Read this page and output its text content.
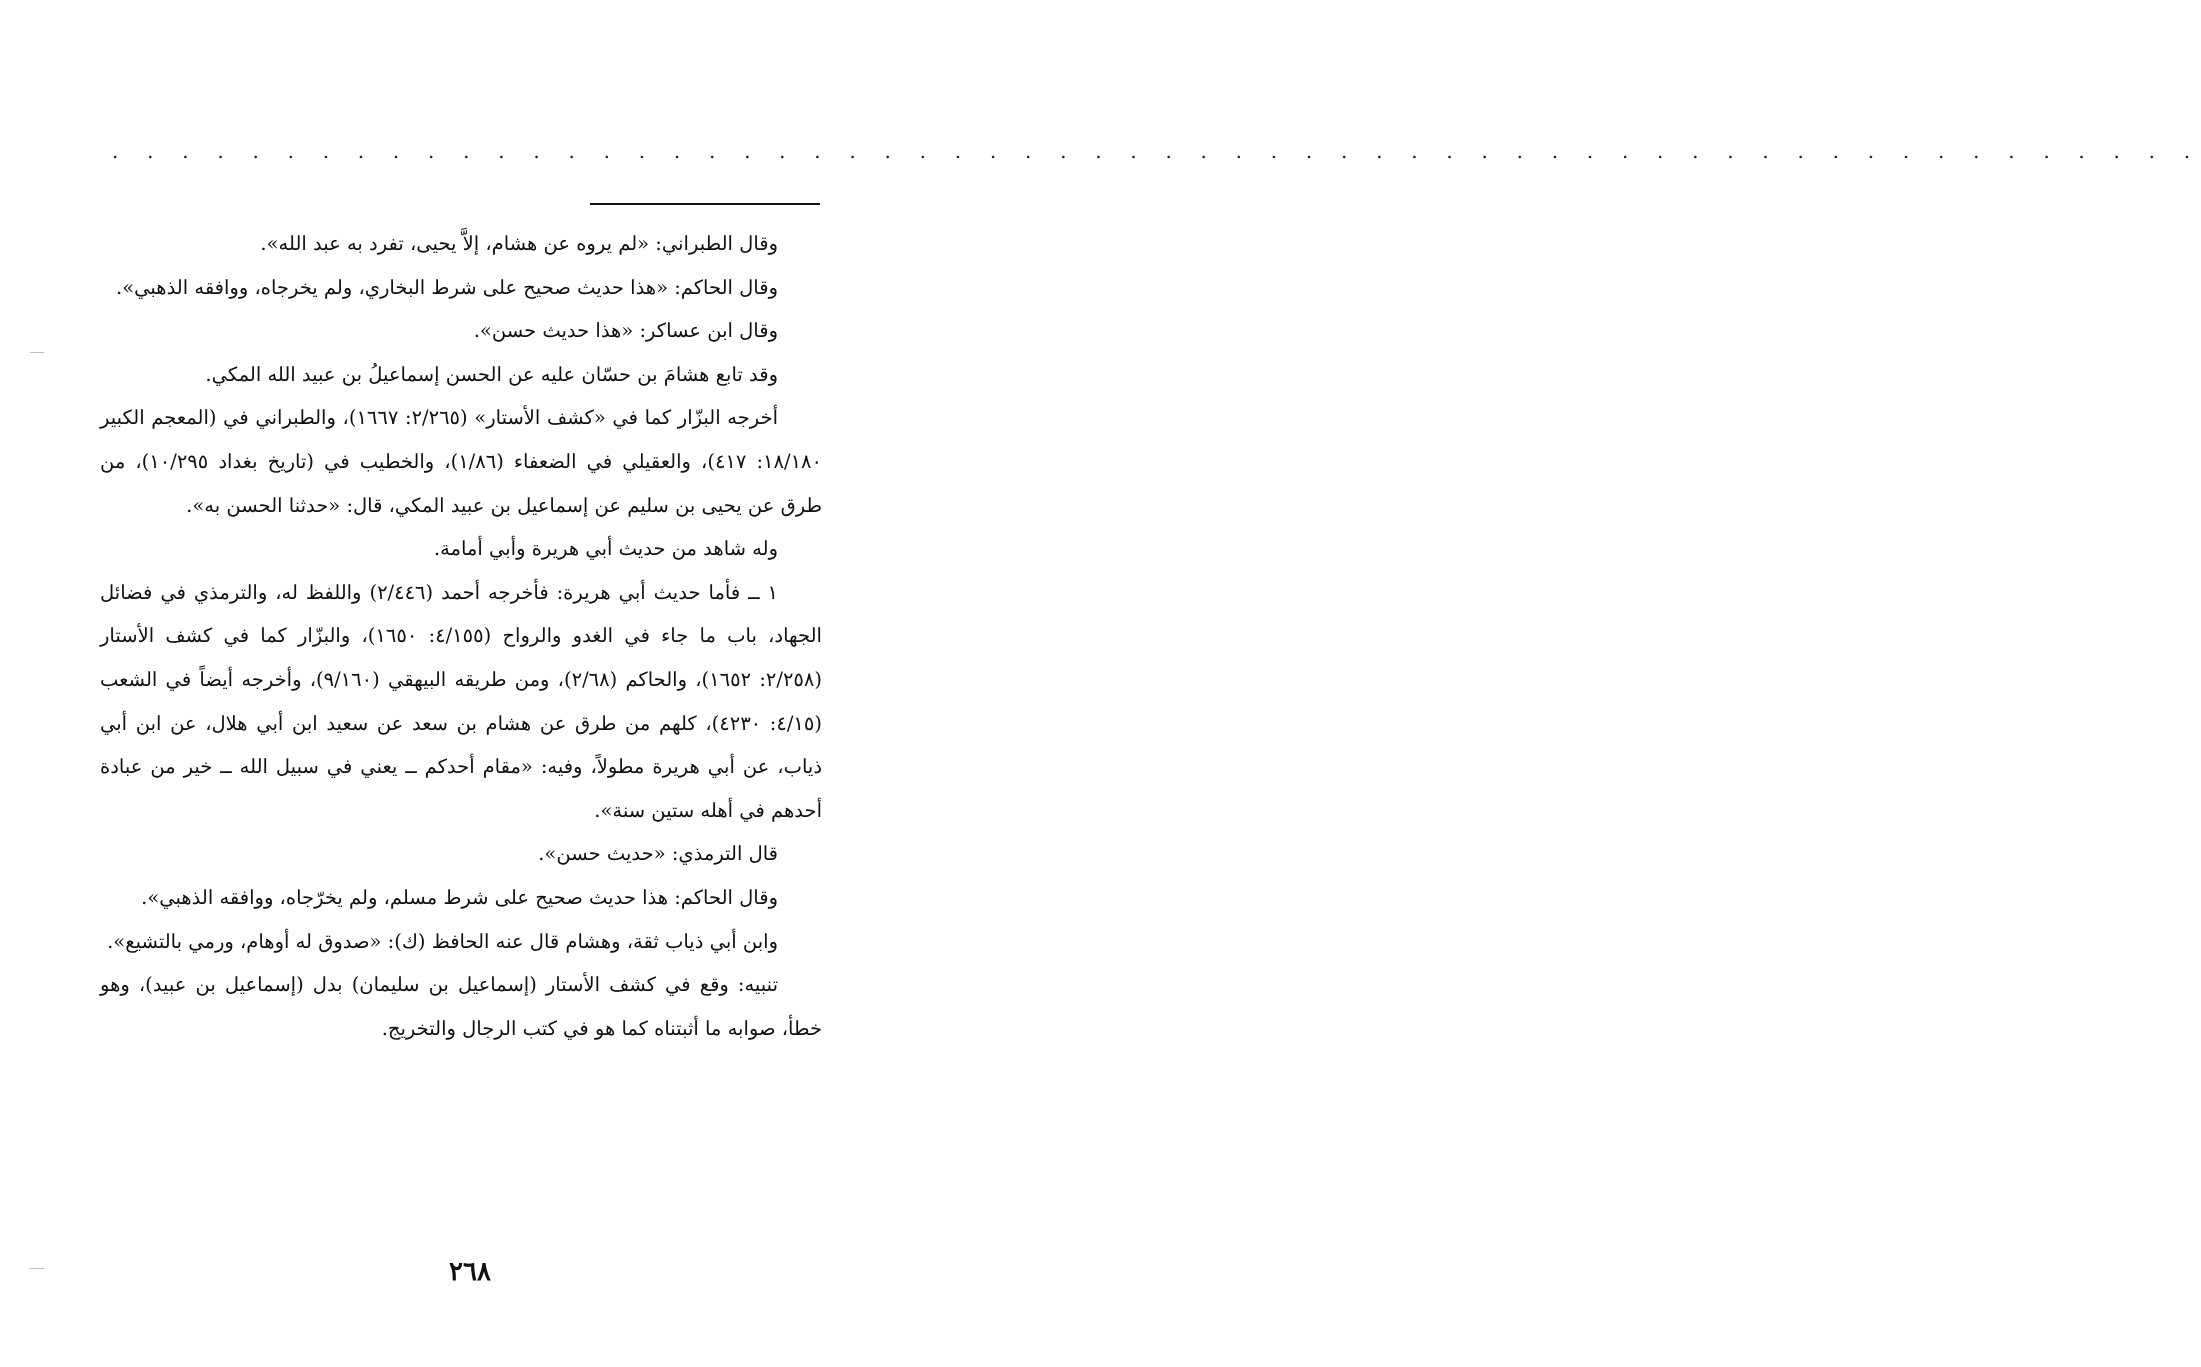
. . . . . . . . . . . . . . . . . . . . . . . . . . . . . . . . . . . . . . . . . . . . . . . . . . . . . . . . . . . .

وقال الطبراني: «لم يروه عن هشام، إلاَّ يحيى، تفرد به عبد الله».

وقال الحاكم: «هذا حديث صحيح على شرط البخاري، ولم يخرجاه، ووافقه الذهبي».

وقال ابن عساكر: «هذا حديث حسن».

وقد تابع هشامَ بن حسّان عليه عن الحسن إسماعيلُ بن عبيد الله المكي.

أخرجه البزّار كما في «كشف الأستار» (٢/٢٦٥: ١٦٦٧)، والطبراني في (المعجم الكبير ١٨/١٨٠: ٤١٧)، والعقيلي في الضعفاء (١/٨٦)، والخطيب في (تاريخ بغداد ١٠/٢٩٥)، من طرق عن يحيى بن سليم عن إسماعيل بن عبيد المكي، قال: «حدثنا الحسن به».

وله شاهد من حديث أبي هريرة وأبي أمامة.

١ ــ فأما حديث أبي هريرة: فأخرجه أحمد (٢/٤٤٦) واللفظ له، والترمذي في فضائل الجهاد، باب ما جاء في الغدو والرواح (٤/١٥٥: ١٦٥٠)، والبزّار كما في كشف الأستار (٢/٢٥٨: ١٦٥٢)، والحاكم (٢/٦٨)، ومن طريقه البيهقي (٩/١٦٠)، وأخرجه أيضاً في الشعب (٤/١٥: ٤٢٣٠)، كلهم من طرق عن هشام بن سعد عن سعيد ابن أبي هلال، عن ابن أبي ذياب، عن أبي هريرة مطولاً، وفيه: «مقام أحدكم ــ يعني في سبيل الله ــ خير من عبادة أحدهم في أهله ستين سنة».

قال الترمذي: «حديث حسن».

وقال الحاكم: هذا حديث صحيح على شرط مسلم، ولم يخرّجاه، ووافقه الذهبي».

وابن أبي ذياب ثقة، وهشام قال عنه الحافظ (ك): «صدوق له أوهام، ورمي بالتشيع».

تنبيه: وقع في كشف الأستار (إسماعيل بن سليمان) بدل (إسماعيل بن عبيد)، وهو خطأ، صوابه ما أثبتناه كما هو في كتب الرجال والتخريج.

٢٦٨
